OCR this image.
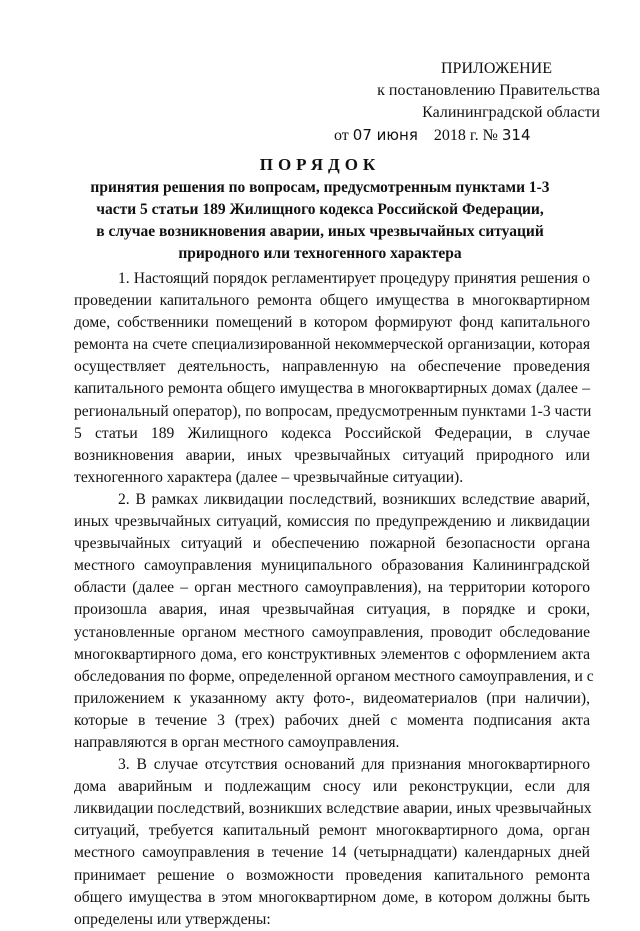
ПРИЛОЖЕНИЕ
к постановлению Правительства
Калининградской области
от 07 июня 2018 г. № 314
ПОРЯДОК
принятия решения по вопросам, предусмотренным пунктами 1-3
части 5 статьи 189 Жилищного кодекса Российской Федерации,
в случае возникновения аварии, иных чрезвычайных ситуаций
природного или техногенного характера
1. Настоящий порядок регламентирует процедуру принятия решения о
проведении капитального ремонта общего имущества в многоквартирном
доме, собственники помещений в котором формируют фонд капитального
ремонта на счете специализированной некоммерческой организации, которая
осуществляет деятельность, направленную на обеспечение проведения
капитального ремонта общего имущества в многоквартирных домах (далее –
региональный оператор), по вопросам, предусмотренным пунктами 1-3 части
5 статьи 189 Жилищного кодекса Российской Федерации, в случае
возникновения аварии, иных чрезвычайных ситуаций природного или
техногенного характера (далее – чрезвычайные ситуации).
2. В рамках ликвидации последствий, возникших вследствие аварий,
иных чрезвычайных ситуаций, комиссия по предупреждению и ликвидации
чрезвычайных ситуаций и обеспечению пожарной безопасности органа
местного самоуправления муниципального образования Калининградской
области (далее – орган местного самоуправления), на территории которого
произошла авария, иная чрезвычайная ситуация, в порядке и сроки,
установленные органом местного самоуправления, проводит обследование
многоквартирного дома, его конструктивных элементов с оформлением акта
обследования по форме, определенной органом местного самоуправления, и с
приложением к указанному акту фото-, видеоматериалов (при наличии),
которые в течение 3 (трех) рабочих дней с момента подписания акта
направляются в орган местного самоуправления.
3. В случае отсутствия оснований для признания многоквартирного
дома аварийным и подлежащим сносу или реконструкции, если для
ликвидации последствий, возникших вследствие аварии, иных чрезвычайных
ситуаций, требуется капитальный ремонт многоквартирного дома, орган
местного самоуправления в течение 14 (четырнадцати) календарных дней
принимает решение о возможности проведения капитального ремонта
общего имущества в этом многоквартирном доме, в котором должны быть
определены или утверждены:
